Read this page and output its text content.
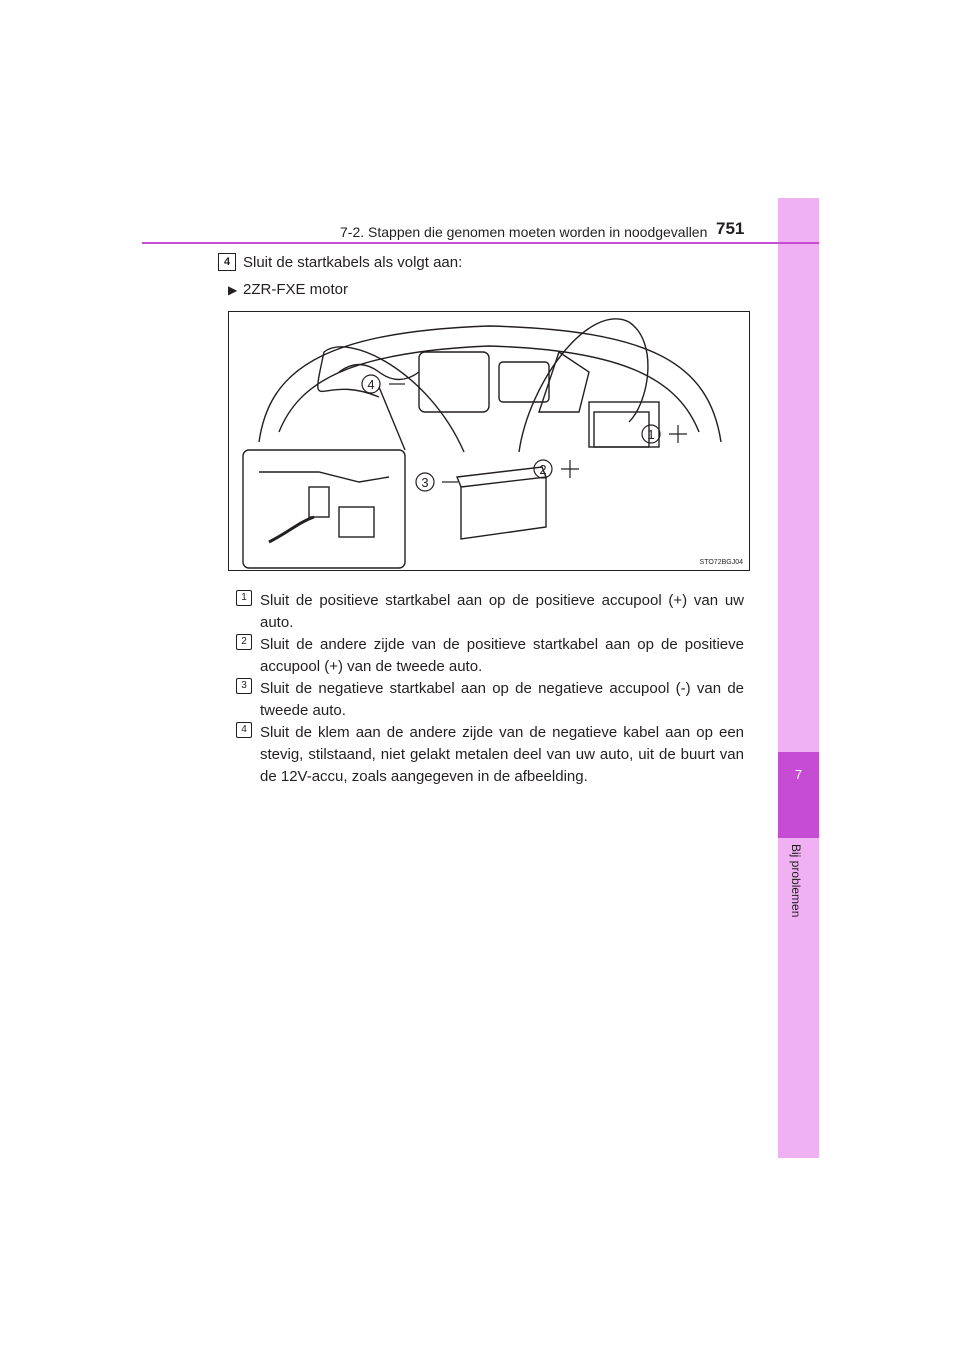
7
Bij problemen
7-2. Stappen die genomen moeten worden in noodgevallen 751
4 Sluit de startkabels als volgt aan:
▶ 2ZR-FXE motor
4
1
2
3
STO72BGJ04
1 Sluit de positieve startkabel aan op de positieve accupool (+) van uw auto.
2 Sluit de andere zijde van de positieve startkabel aan op de positieve accupool (+) van de tweede auto.
3 Sluit de negatieve startkabel aan op de negatieve accupool (-) van de tweede auto.
4 Sluit de klem aan de andere zijde van de negatieve kabel aan op een stevig, stilstaand, niet gelakt metalen deel van uw auto, uit de buurt van de 12V-accu, zoals aangegeven in de afbeelding.
